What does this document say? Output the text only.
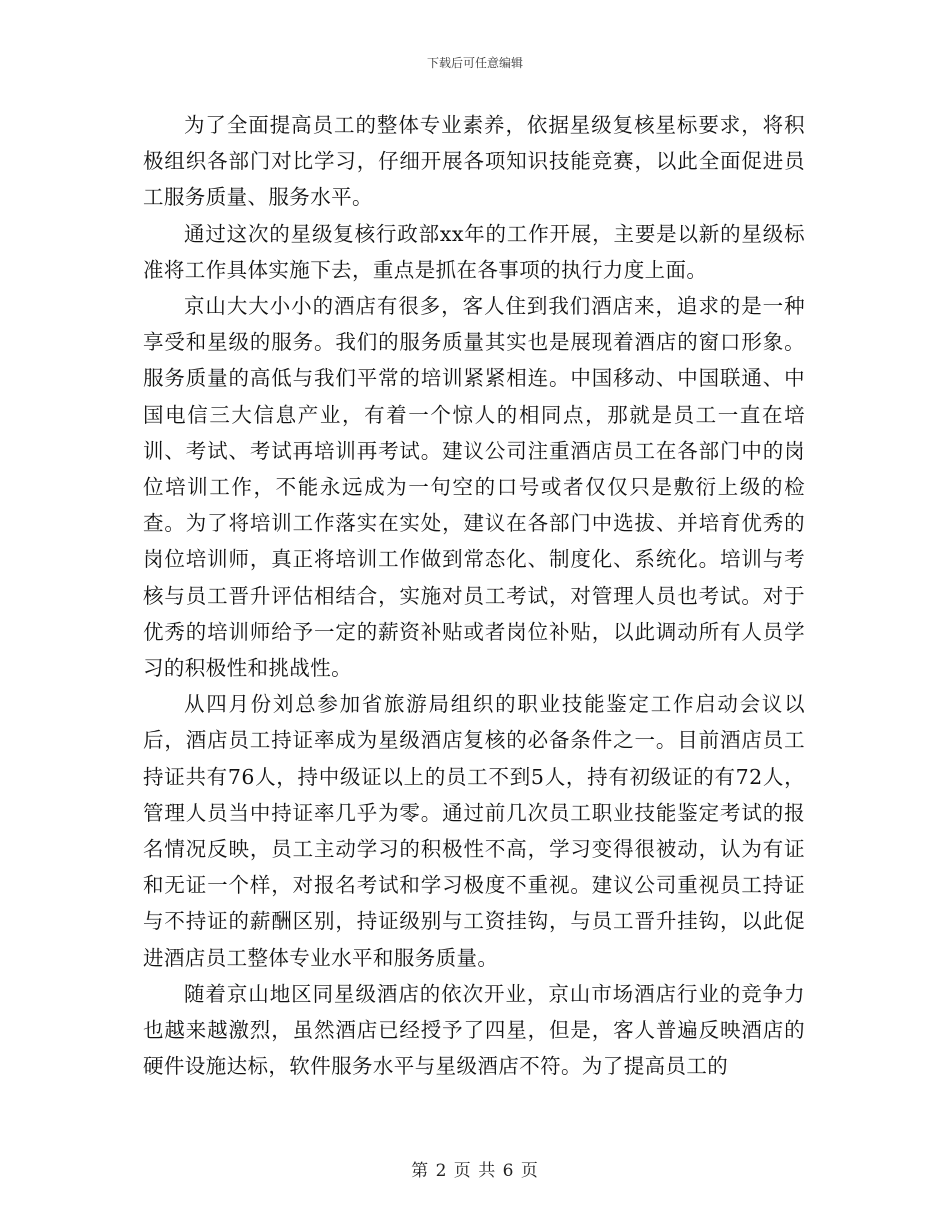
下载后可任意编辑

为了全面提高员工的整体专业素养，依据星级复核星标要求，将积极组织各部门对比学习，仔细开展各项知识技能竞赛，以此全面促进员工服务质量、服务水平。

通过这次的星级复核行政部xx年的工作开展，主要是以新的星级标准将工作具体实施下去，重点是抓在各事项的执行力度上面。

京山大大小小的酒店有很多，客人住到我们酒店来，追求的是一种享受和星级的服务。我们的服务质量其实也是展现着酒店的窗口形象。服务质量的高低与我们平常的培训紧紧相连。中国移动、中国联通、中国电信三大信息产业，有着一个惊人的相同点，那就是员工一直在培训、考试、考试再培训再考试。建议公司注重酒店员工在各部门中的岗位培训工作，不能永远成为一句空的口号或者仅仅只是敷衍上级的检查。为了将培训工作落实在实处，建议在各部门中选拔、并培育优秀的岗位培训师，真正将培训工作做到常态化、制度化、系统化。培训与考核与员工晋升评估相结合，实施对员工考试，对管理人员也考试。对于优秀的培训师给予一定的薪资补贴或者岗位补贴，以此调动所有人员学习的积极性和挑战性。

从四月份刘总参加省旅游局组织的职业技能鉴定工作启动会议以后，酒店员工持证率成为星级酒店复核的必备条件之一。目前酒店员工持证共有76人，持中级证以上的员工不到5人，持有初级证的有72人，管理人员当中持证率几乎为零。通过前几次员工职业技能鉴定考试的报名情况反映，员工主动学习的积极性不高，学习变得很被动，认为有证和无证一个样，对报名考试和学习极度不重视。建议公司重视员工持证与不持证的薪酬区别，持证级别与工资挂钩，与员工晋升挂钩，以此促进酒店员工整体专业水平和服务质量。

随着京山地区同星级酒店的依次开业，京山市场酒店行业的竞争力也越来越激烈，虽然酒店已经授予了四星，但是，客人普遍反映酒店的硬件设施达标，软件服务水平与星级酒店不符。为了提高员工的

第 2 页 共 6 页
